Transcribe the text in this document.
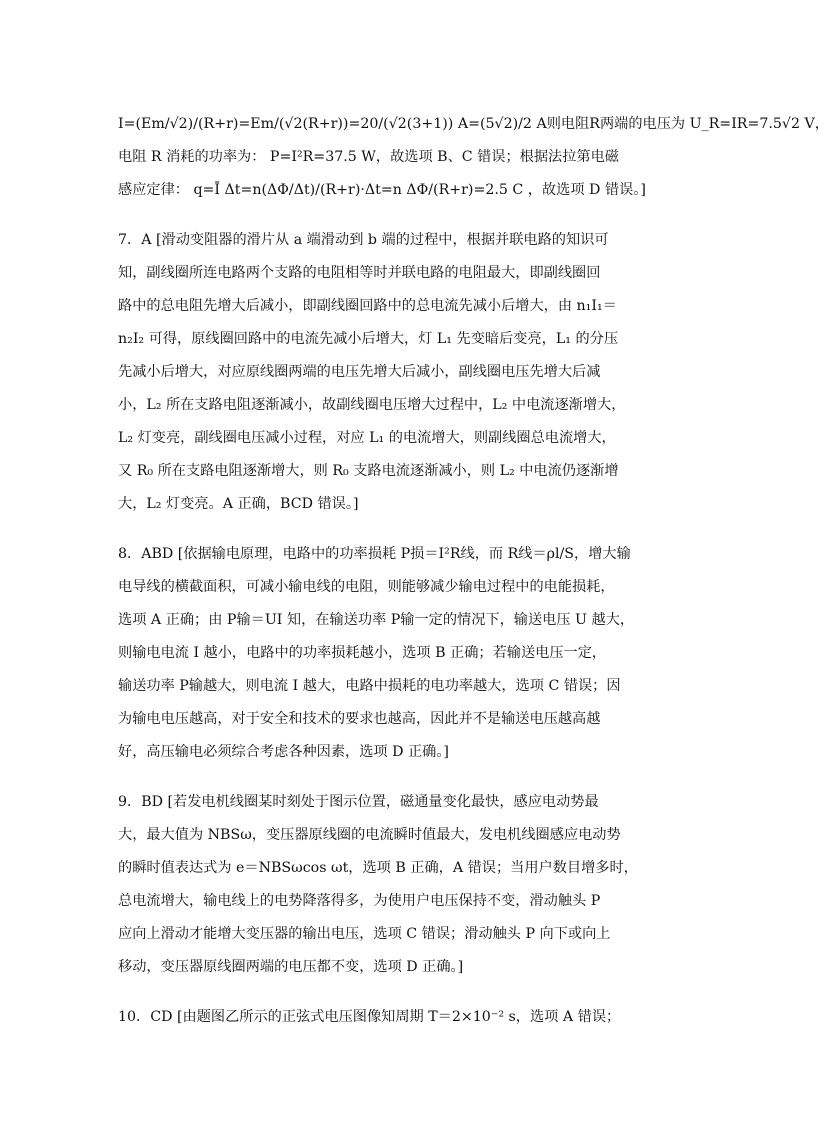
I=(Em/√2)/(R+r)=Em/(√2(R+r))=20/(√2(3+1)) A=(5√2)/2 A则电阻R两端的电压为 U_R=IR=7.5√2 V，
电阻 R 消耗的功率为： P=I²R=37.5 W，故选项 B、C 错误；根据法拉第电磁
感应定律： q=Ī Δt=n(ΔΦ/Δt)/(R+r)·Δt=n ΔΦ/(R+r)=2.5 C ，故选项 D 错误。]
7．A [滑动变阻器的滑片从 a 端滑动到 b 端的过程中，根据并联电路的知识可
知，副线圈所连电路两个支路的电阻相等时并联电路的电阻最大，即副线圈回
路中的总电阻先增大后减小，即副线圈回路中的总电流先减小后增大，由 n₁I₁＝
n₂I₂ 可得，原线圈回路中的电流先减小后增大，灯 L₁ 先变暗后变亮，L₁ 的分压
先减小后增大，对应原线圈两端的电压先增大后减小，副线圈电压先增大后减
小，L₂ 所在支路电阻逐渐减小，故副线圈电压增大过程中，L₂ 中电流逐渐增大，
L₂ 灯变亮，副线圈电压减小过程，对应 L₁ 的电流增大，则副线圈总电流增大，
又 R₀ 所在支路电阻逐渐增大，则 R₀ 支路电流逐渐减小，则 L₂ 中电流仍逐渐增
大，L₂ 灯变亮。A 正确，BCD 错误。]
8．ABD [依据输电原理，电路中的功率损耗 P损＝I²R线，而 R线＝ρl/S，增大输
电导线的横截面积，可减小输电线的电阻，则能够减少输电过程中的电能损耗，
选项 A 正确；由 P输＝UI 知，在输送功率 P输一定的情况下，输送电压 U 越大，
则输电电流 I 越小，电路中的功率损耗越小，选项 B 正确；若输送电压一定，
输送功率 P输越大，则电流 I 越大，电路中损耗的电功率越大，选项 C 错误；因
为输电电压越高，对于安全和技术的要求也越高，因此并不是输送电压越高越
好，高压输电必须综合考虑各种因素，选项 D 正确。]
9．BD [若发电机线圈某时刻处于图示位置，磁通量变化最快，感应电动势最
大，最大值为 NBSω，变压器原线圈的电流瞬时值最大，发电机线圈感应电动势
的瞬时值表达式为 e＝NBSωcos ωt，选项 B 正确，A 错误；当用户数目增多时，
总电流增大，输电线上的电势降落得多，为使用户电压保持不变，滑动触头 P
应向上滑动才能增大变压器的输出电压，选项 C 错误；滑动触头 P 向下或向上
移动，变压器原线圈两端的电压都不变，选项 D 正确。]
10．CD [由题图乙所示的正弦式电压图像知周期 T＝2×10⁻² s，选项 A 错误；
